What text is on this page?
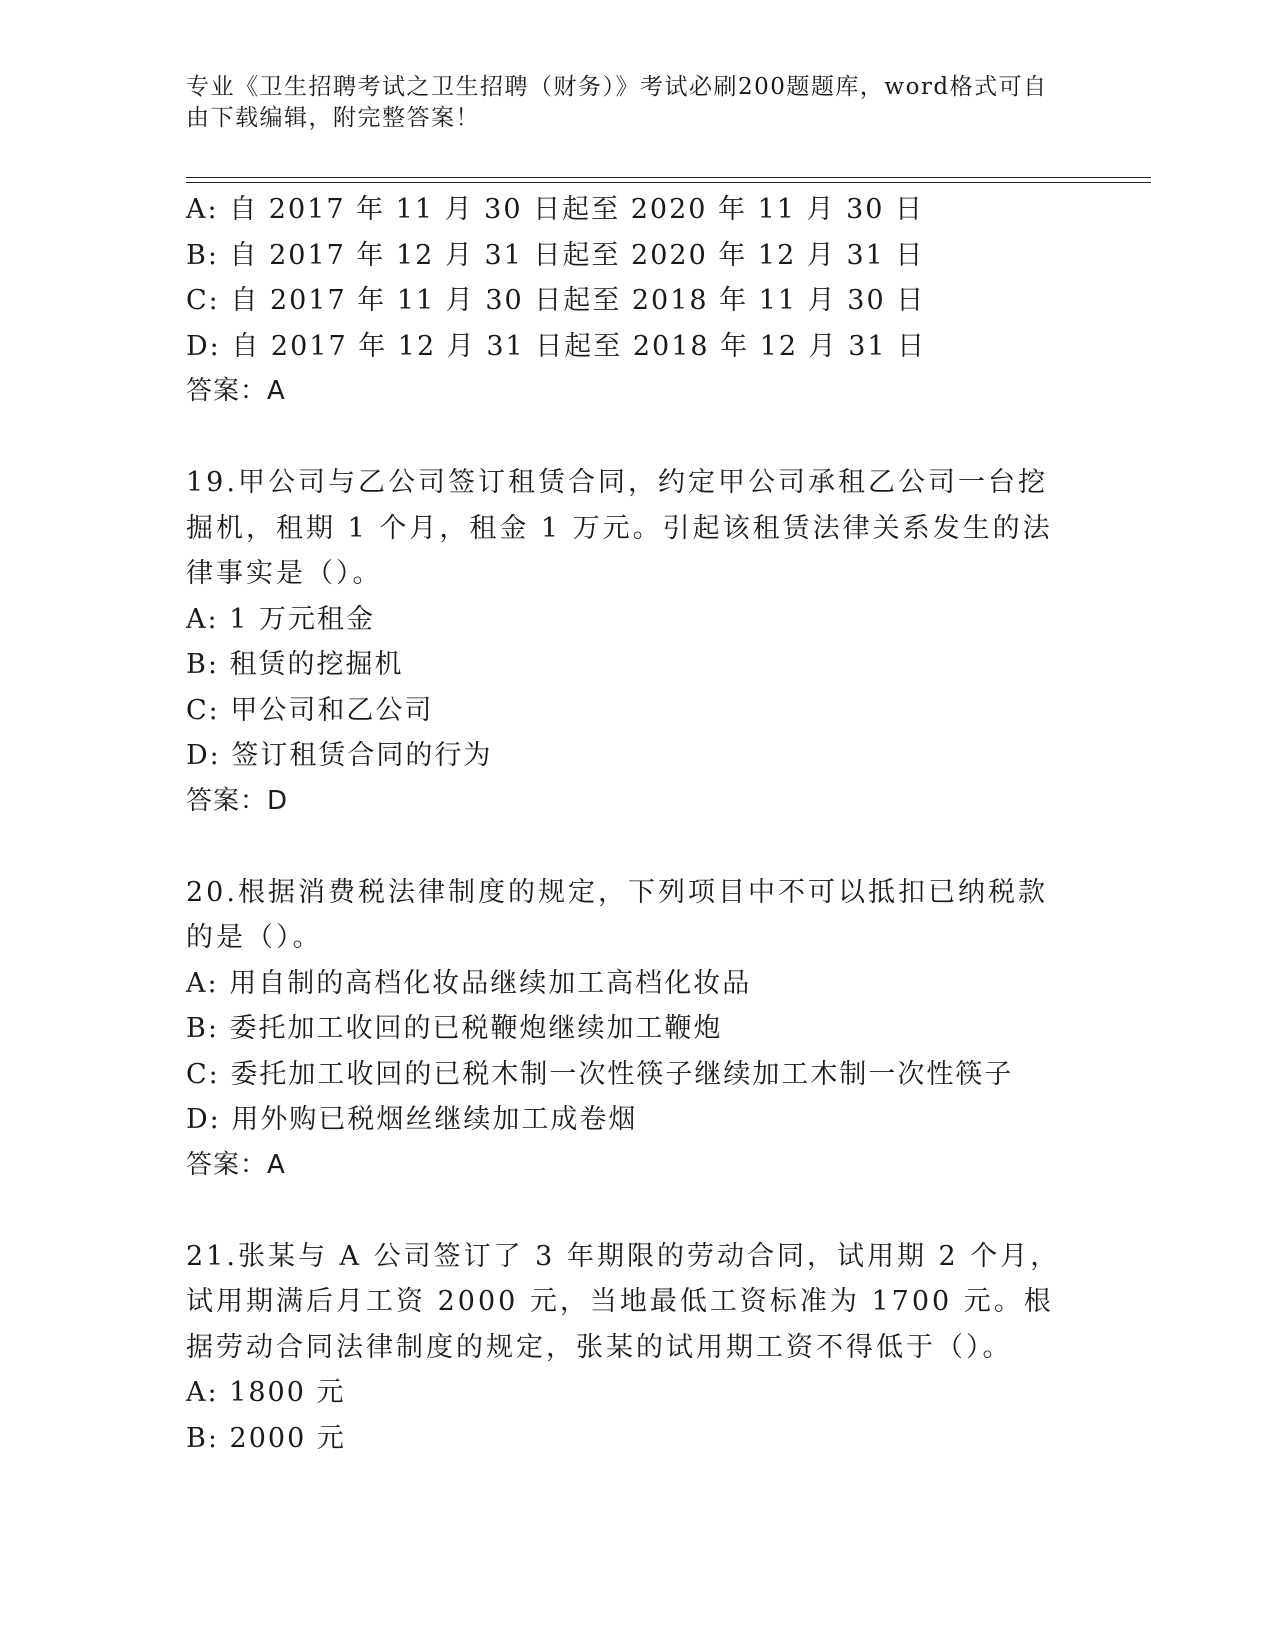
专业《卫生招聘考试之卫生招聘（财务）》考试必刷200题题库，word格式可自由下载编辑，附完整答案！
A: 自 2017 年 11 月 30 日起至 2020 年 11 月 30 日
B: 自 2017 年 12 月 31 日起至 2020 年 12 月 31 日
C: 自 2017 年 11 月 30 日起至 2018 年 11 月 30 日
D: 自 2017 年 12 月 31 日起至 2018 年 12 月 31 日
答案：A
19.甲公司与乙公司签订租赁合同，约定甲公司承租乙公司一台挖掘机，租期 1 个月，租金 1 万元。引起该租赁法律关系发生的法律事实是（）。
A: 1 万元租金
B: 租赁的挖掘机
C: 甲公司和乙公司
D: 签订租赁合同的行为
答案：D
20.根据消费税法律制度的规定，下列项目中不可以抵扣已纳税款的是（）。
A: 用自制的高档化妆品继续加工高档化妆品
B: 委托加工收回的已税鞭炮继续加工鞭炮
C: 委托加工收回的已税木制一次性筷子继续加工木制一次性筷子
D: 用外购已税烟丝继续加工成卷烟
答案：A
21.张某与 A 公司签订了 3 年期限的劳动合同，试用期 2 个月，试用期满后月工资 2000 元，当地最低工资标准为 1700 元。根据劳动合同法律制度的规定，张某的试用期工资不得低于（）。
A: 1800 元
B: 2000 元
